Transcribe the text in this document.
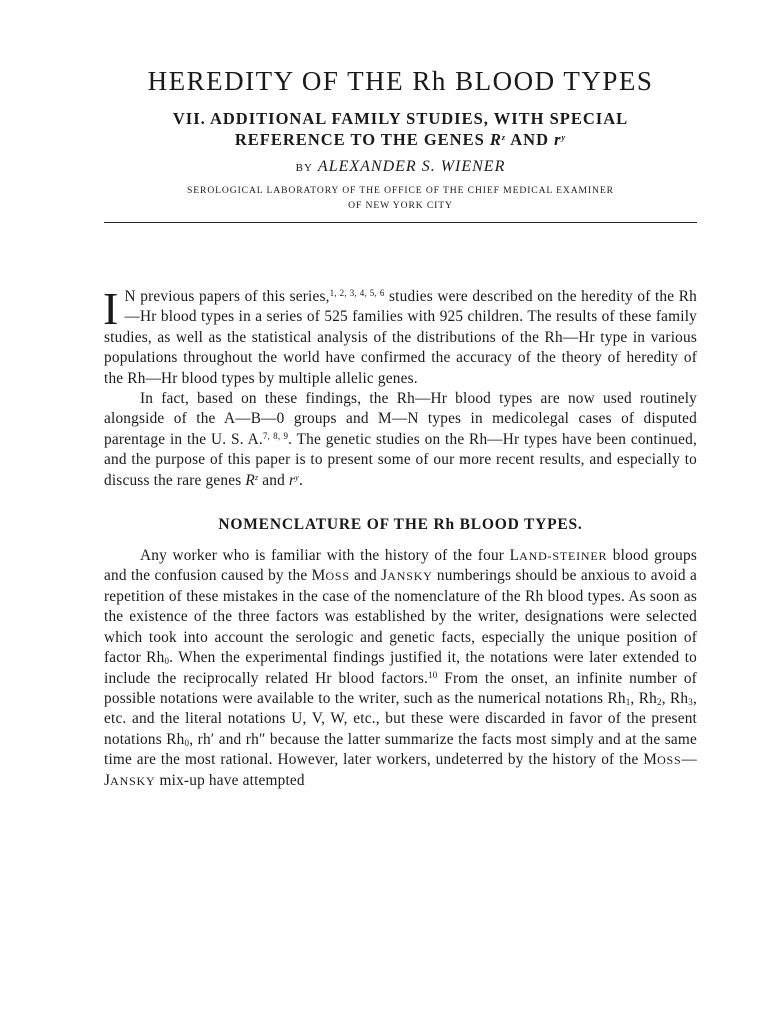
HEREDITY OF THE Rh BLOOD TYPES
VII. ADDITIONAL FAMILY STUDIES, WITH SPECIAL
REFERENCE TO THE GENES $R^z$ AND $r^y$
BY ALEXANDER S. WIENER
SEROLOGICAL LABORATORY OF THE OFFICE OF THE CHIEF MEDICAL EXAMINER
OF NEW YORK CITY
I N previous papers of this series,$^{1, 2, 3, 4, 5, 6}$ studies were described on the heredity of the Rh—Hr blood types in a series of 525 families with 925 children. The results of these family studies, as well as the statistical analysis of the distributions of the Rh—Hr type in various populations throughout the world have confirmed the accuracy of the theory of heredity of the Rh—Hr blood types by multiple allelic genes.
In fact, based on these findings, the Rh—Hr blood types are now used routinely alongside of the A—B—0 groups and M—N types in medicolegal cases of disputed parentage in the U. S. A.$^{7, 8, 9}$. The genetic studies on the Rh—Hr types have been continued, and the purpose of this paper is to present some of our more recent results, and especially to discuss the rare genes $R^z$ and $r^y$.
NOMENCLATURE OF THE Rh BLOOD TYPES.
Any worker who is familiar with the history of the four LAND-STEINER blood groups and the confusion caused by the MOSS and JANSKY numberings should be anxious to avoid a repetition of these mistakes in the case of the nomenclature of the Rh blood types. As soon as the existence of the three factors was established by the writer, designations were selected which took into account the serologic and genetic facts, especially the unique position of factor $Rh_0$. When the experimental findings justified it, the notations were later extended to include the reciprocally related Hr blood factors.$^{10}$ From the onset, an infinite number of possible notations were available to the writer, such as the numerical notations $Rh_1$, $Rh_2$, $Rh_3$, etc. and the literal notations U, V, W, etc., but these were discarded in favor of the present notations $Rh_0$, rh′ and rh″ because the latter summarize the facts most simply and at the same time are the most rational. However, later workers, undeterred by the history of the MOSS—JANSKY mix-up have attempted
